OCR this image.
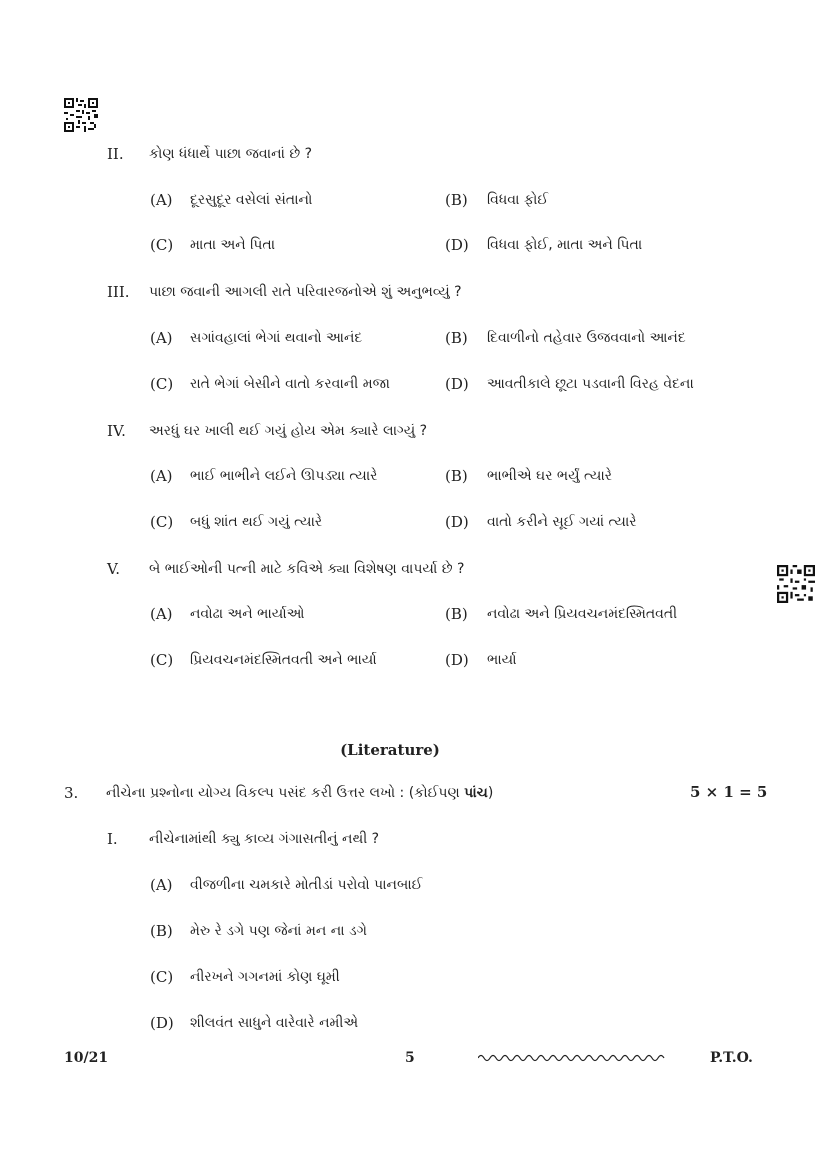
II. કોણ ધંધાર્થે પાછા જવાનાં છે ?
(A) દૂરસુદૂર વસેલાં સંતાનો	(B) વિધવા ફોઈ
(C) માતા અને પિતા	(D) વિધવા ફોઈ, માતા અને પિતા
III. પાછા જવાની આગલી રાતે પરિવારજનોએ શું અનુભવ્યું ?
(A) સગાંવહાલાં ભેગાં થવાનો આનંદ	(B) દિવાળીનો તહેવાર ઉજવવાનો આનંદ
(C) રાતે ભેગાં બેસીને વાતો કરવાની મજા	(D) આવતીકાલે છૂટા પડવાની વિરહ વેદના
IV. અરધું ઘર ખાલી થઈ ગયું હોય એમ ક્યારે લાગ્યું ?
(A) ભાઈ ભાભીને લઈને ઊપડ્યા ત્યારે	(B) ભાભીએ ઘર ભર્યું ત્યારે
(C) બધું શાંત થઈ ગયું ત્યારે	(D) વાતો કરીને સૂઈ ગયાં ત્યારે
V. બે ભાઈઓની પત્ની માટે કવિએ ક્યા વિશેષણ વાપર્યા છે ?
(A) નવોઢા અને ભાર્યાઓ	(B) નવોઢા અને પ્રિયવચનમંદસ્મિતવતી
(C) પ્રિયવચનમંદસ્મિતવતી અને ભાર્યા	(D) ભાર્યા
(Literature)
3. નીચેના પ્રશ્નોના યોગ્ય વિકલ્પ પસંદ કરી ઉત્તર લખો : (કોઈપણ પાંચ)	5 × 1 = 5
I. નીચેનામાંથી ક્યુ કાવ્ય ગંગાસતીનું નથી ?
(A) વીજળીના ચમકારે મોતીડાં પરોવો પાનબાઈ
(B) મેરુ રે ડગે પણ જેનાં મન ના ડગે
(C) નીરખને ગગનમાં કોણ ઘૂમી
(D) શીલવંત સાધુને વારેવારે નમીએ
10/21	5	P.T.O.
